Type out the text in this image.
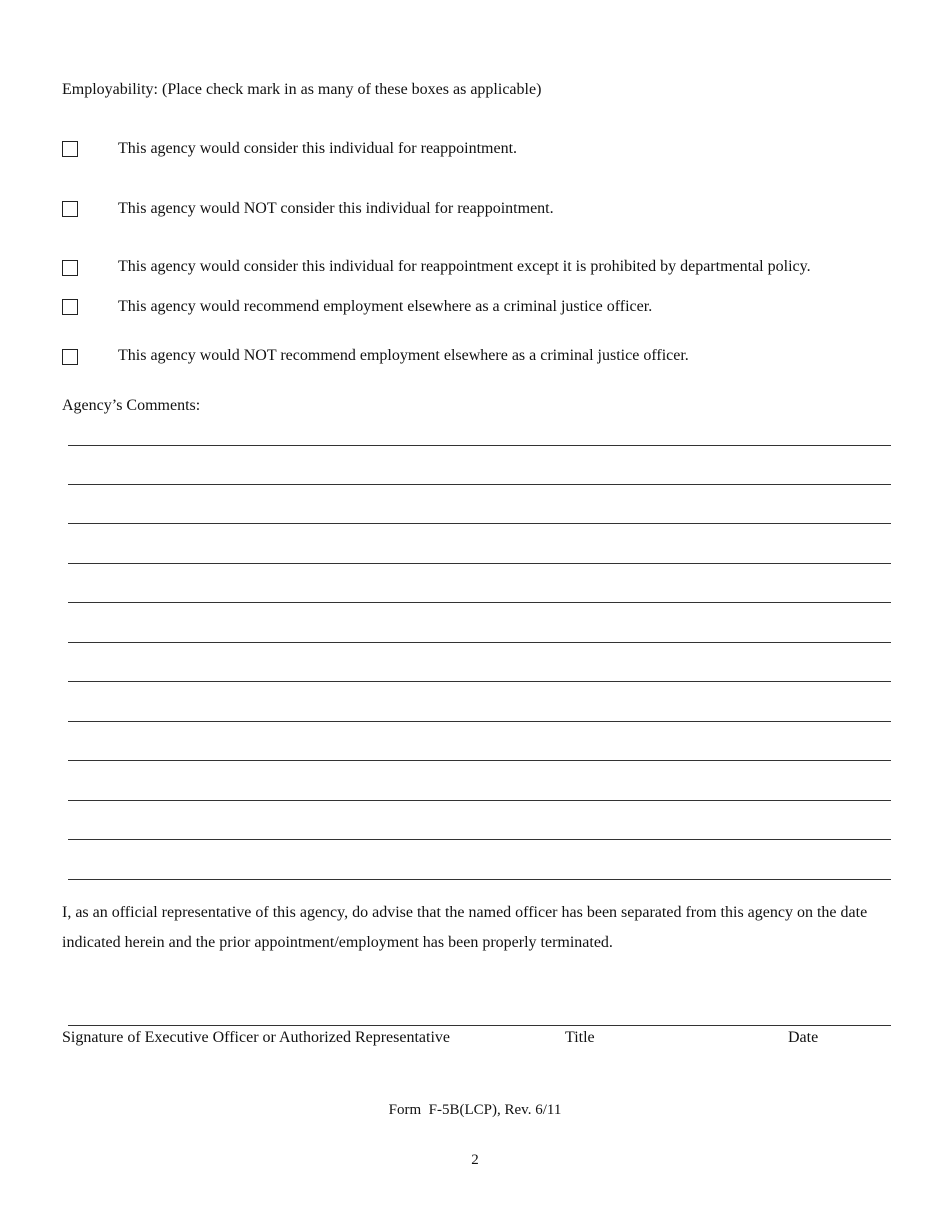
Employability: (Place check mark in as many of these boxes as applicable)
This agency would consider this individual for reappointment.
This agency would NOT consider this individual for reappointment.
This agency would consider this individual for reappointment except it is prohibited by departmental policy.
This agency would recommend employment elsewhere as a criminal justice officer.
This agency would NOT recommend employment elsewhere as a criminal justice officer.
Agency’s Comments:
I, as an official representative of this agency, do advise that the named officer has been separated from this agency on the date indicated herein and the prior appointment/employment has been properly terminated.
Signature of Executive Officer or Authorized Representative	Title	Date
Form  F-5B(LCP), Rev. 6/11
2
